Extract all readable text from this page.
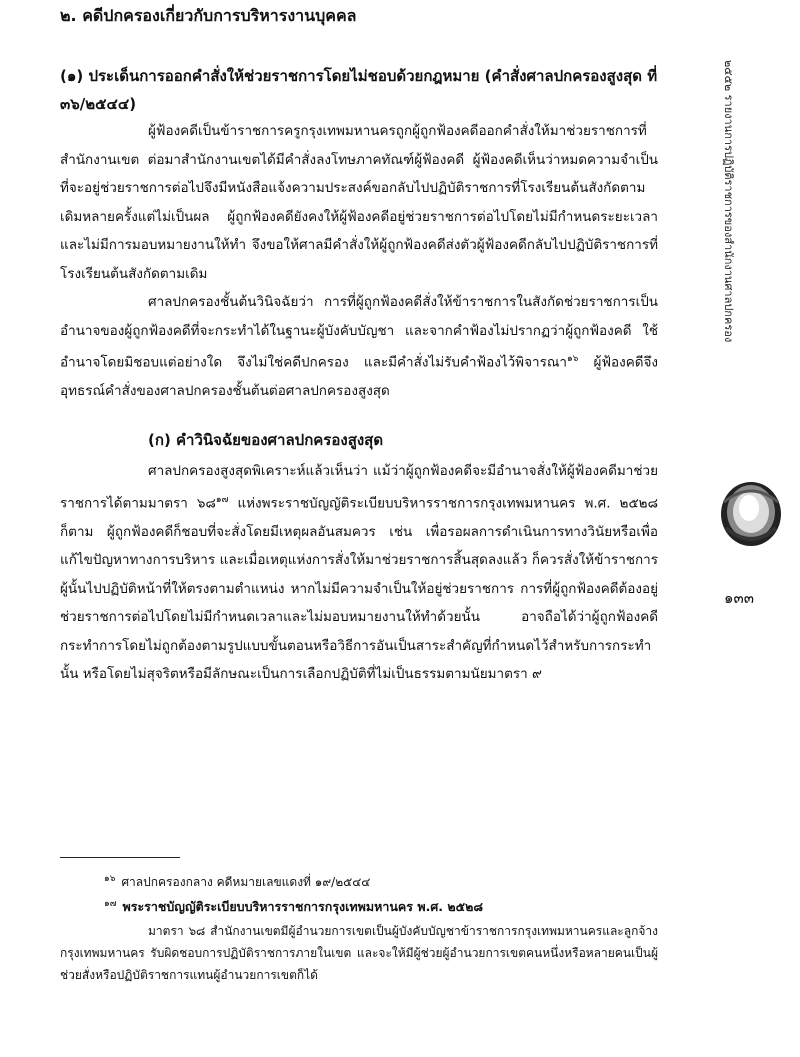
๒. คดีปกครองเกี่ยวกับการบริหารงานบุคคล
(๑) ประเด็นการออกคำสั่งให้ช่วยราชการโดยไม่ชอบด้วยกฎหมาย (คำสั่งศาลปกครองสูงสุด ที่ ๓๖/๒๕๔๔)

ผู้ฟ้องคดีเป็นข้าราชการครูกรุงเทพมหานครถูกผู้ถูกฟ้องคดีออกคำสั่งให้มาช่วยราชการที่สำนักงานเขต ต่อมาสำนักงานเขตได้มีคำสั่งลงโทษภาคทัณฑ์ผู้ฟ้องคดี ผู้ฟ้องคดีเห็นว่าหมดความจำเป็นที่จะอยู่ช่วยราชการต่อไปจึงมีหนังสือแจ้งความประสงค์ขอกลับไปปฏิบัติราชการที่โรงเรียนต้นสังกัดตามเดิมหลายครั้งแต่ไม่เป็นผล ผู้ถูกฟ้องคดียังคงให้ผู้ฟ้องคดีอยู่ช่วยราชการต่อไปโดยไม่มีกำหนดระยะเวลาและไม่มีการมอบหมายงานให้ทำ จึงขอให้ศาลมีคำสั่งให้ผู้ถูกฟ้องคดีส่งตัวผู้ฟ้องคดีกลับไปปฏิบัติราชการที่โรงเรียนต้นสังกัดตามเดิม

ศาลปกครองชั้นต้นวินิจฉัยว่า การที่ผู้ถูกฟ้องคดีสั่งให้ข้าราชการในสังกัดช่วยราชการเป็นอำนาจของผู้ถูกฟ้องคดีที่จะกระทำได้ในฐานะผู้บังคับบัญชา และจากคำฟ้องไม่ปรากฏว่าผู้ถูกฟ้องคดี ใช้อำนาจโดยมิชอบแต่อย่างใด จึงไม่ใช่คดีปกครอง และมีคำสั่งไม่รับคำฟ้องไว้พิจารณา$^{๑๖}$ ผู้ฟ้องคดีจึงอุทธรณ์คำสั่งของศาลปกครองชั้นต้นต่อศาลปกครองสูงสุด

(ก) คำวินิจฉัยของศาลปกครองสูงสุด

ศาลปกครองสูงสุดพิเคราะห์แล้วเห็นว่า แม้ว่าผู้ถูกฟ้องคดีจะมีอำนาจสั่งให้ผู้ฟ้องคดีมาช่วยราชการได้ตามมาตรา ๖๘$^{๑๗}$ แห่งพระราชบัญญัติระเบียบบริหารราชการกรุงเทพมหานคร พ.ศ. ๒๕๒๘ ก็ตาม ผู้ถูกฟ้องคดีก็ชอบที่จะสั่งโดยมีเหตุผลอันสมควร เช่น เพื่อรอผลการดำเนินการทางวินัยหรือเพื่อแก้ไขปัญหาทางการบริหาร และเมื่อเหตุแห่งการสั่งให้มาช่วยราชการสิ้นสุดลงแล้ว ก็ควรสั่งให้ข้าราชการผู้นั้นไปปฏิบัติหน้าที่ให้ตรงตามตำแหน่ง หากไม่มีความจำเป็นให้อยู่ช่วยราชการ การที่ผู้ถูกฟ้องคดีต้องอยู่ช่วยราชการต่อไปโดยไม่มีกำหนดเวลาและไม่มอบหมายงานให้ทำด้วยนั้น อาจถือได้ว่าผู้ถูกฟ้องคดีกระทำการโดยไม่ถูกต้องตามรูปแบบขั้นตอนหรือวิธีการอันเป็นสาระสำคัญที่กำหนดไว้สำหรับการกระทำนั้น หรือโดยไม่สุจริตหรือมีลักษณะเป็นการเลือกปฏิบัติที่ไม่เป็นธรรมตามนัยมาตรา ๙

๒๕๕๒ รายงานการปฏิบัติราชการของสำนักงานศาลปกครอง
๑๓๓
$^{๑๖}$ ศาลปกครองกลาง คดีหมายเลขแดงที่ ๑๙/๒๕๔๔
$^{๑๗}$ พระราชบัญญัติระเบียบบริหารราชการกรุงเทพมหานคร พ.ศ. ๒๕๒๘
มาตรา ๖๘ สำนักงานเขตมีผู้อำนวยการเขตเป็นผู้บังคับบัญชาข้าราชการกรุงเทพมหานครและลูกจ้างกรุงเทพมหานคร รับผิดชอบการปฏิบัติราชการภายในเขต และจะให้มีผู้ช่วยผู้อำนวยการเขตคนหนึ่งหรือหลายคนเป็นผู้ช่วยสั่งหรือปฏิบัติราชการแทนผู้อำนวยการเขตก็ได้
